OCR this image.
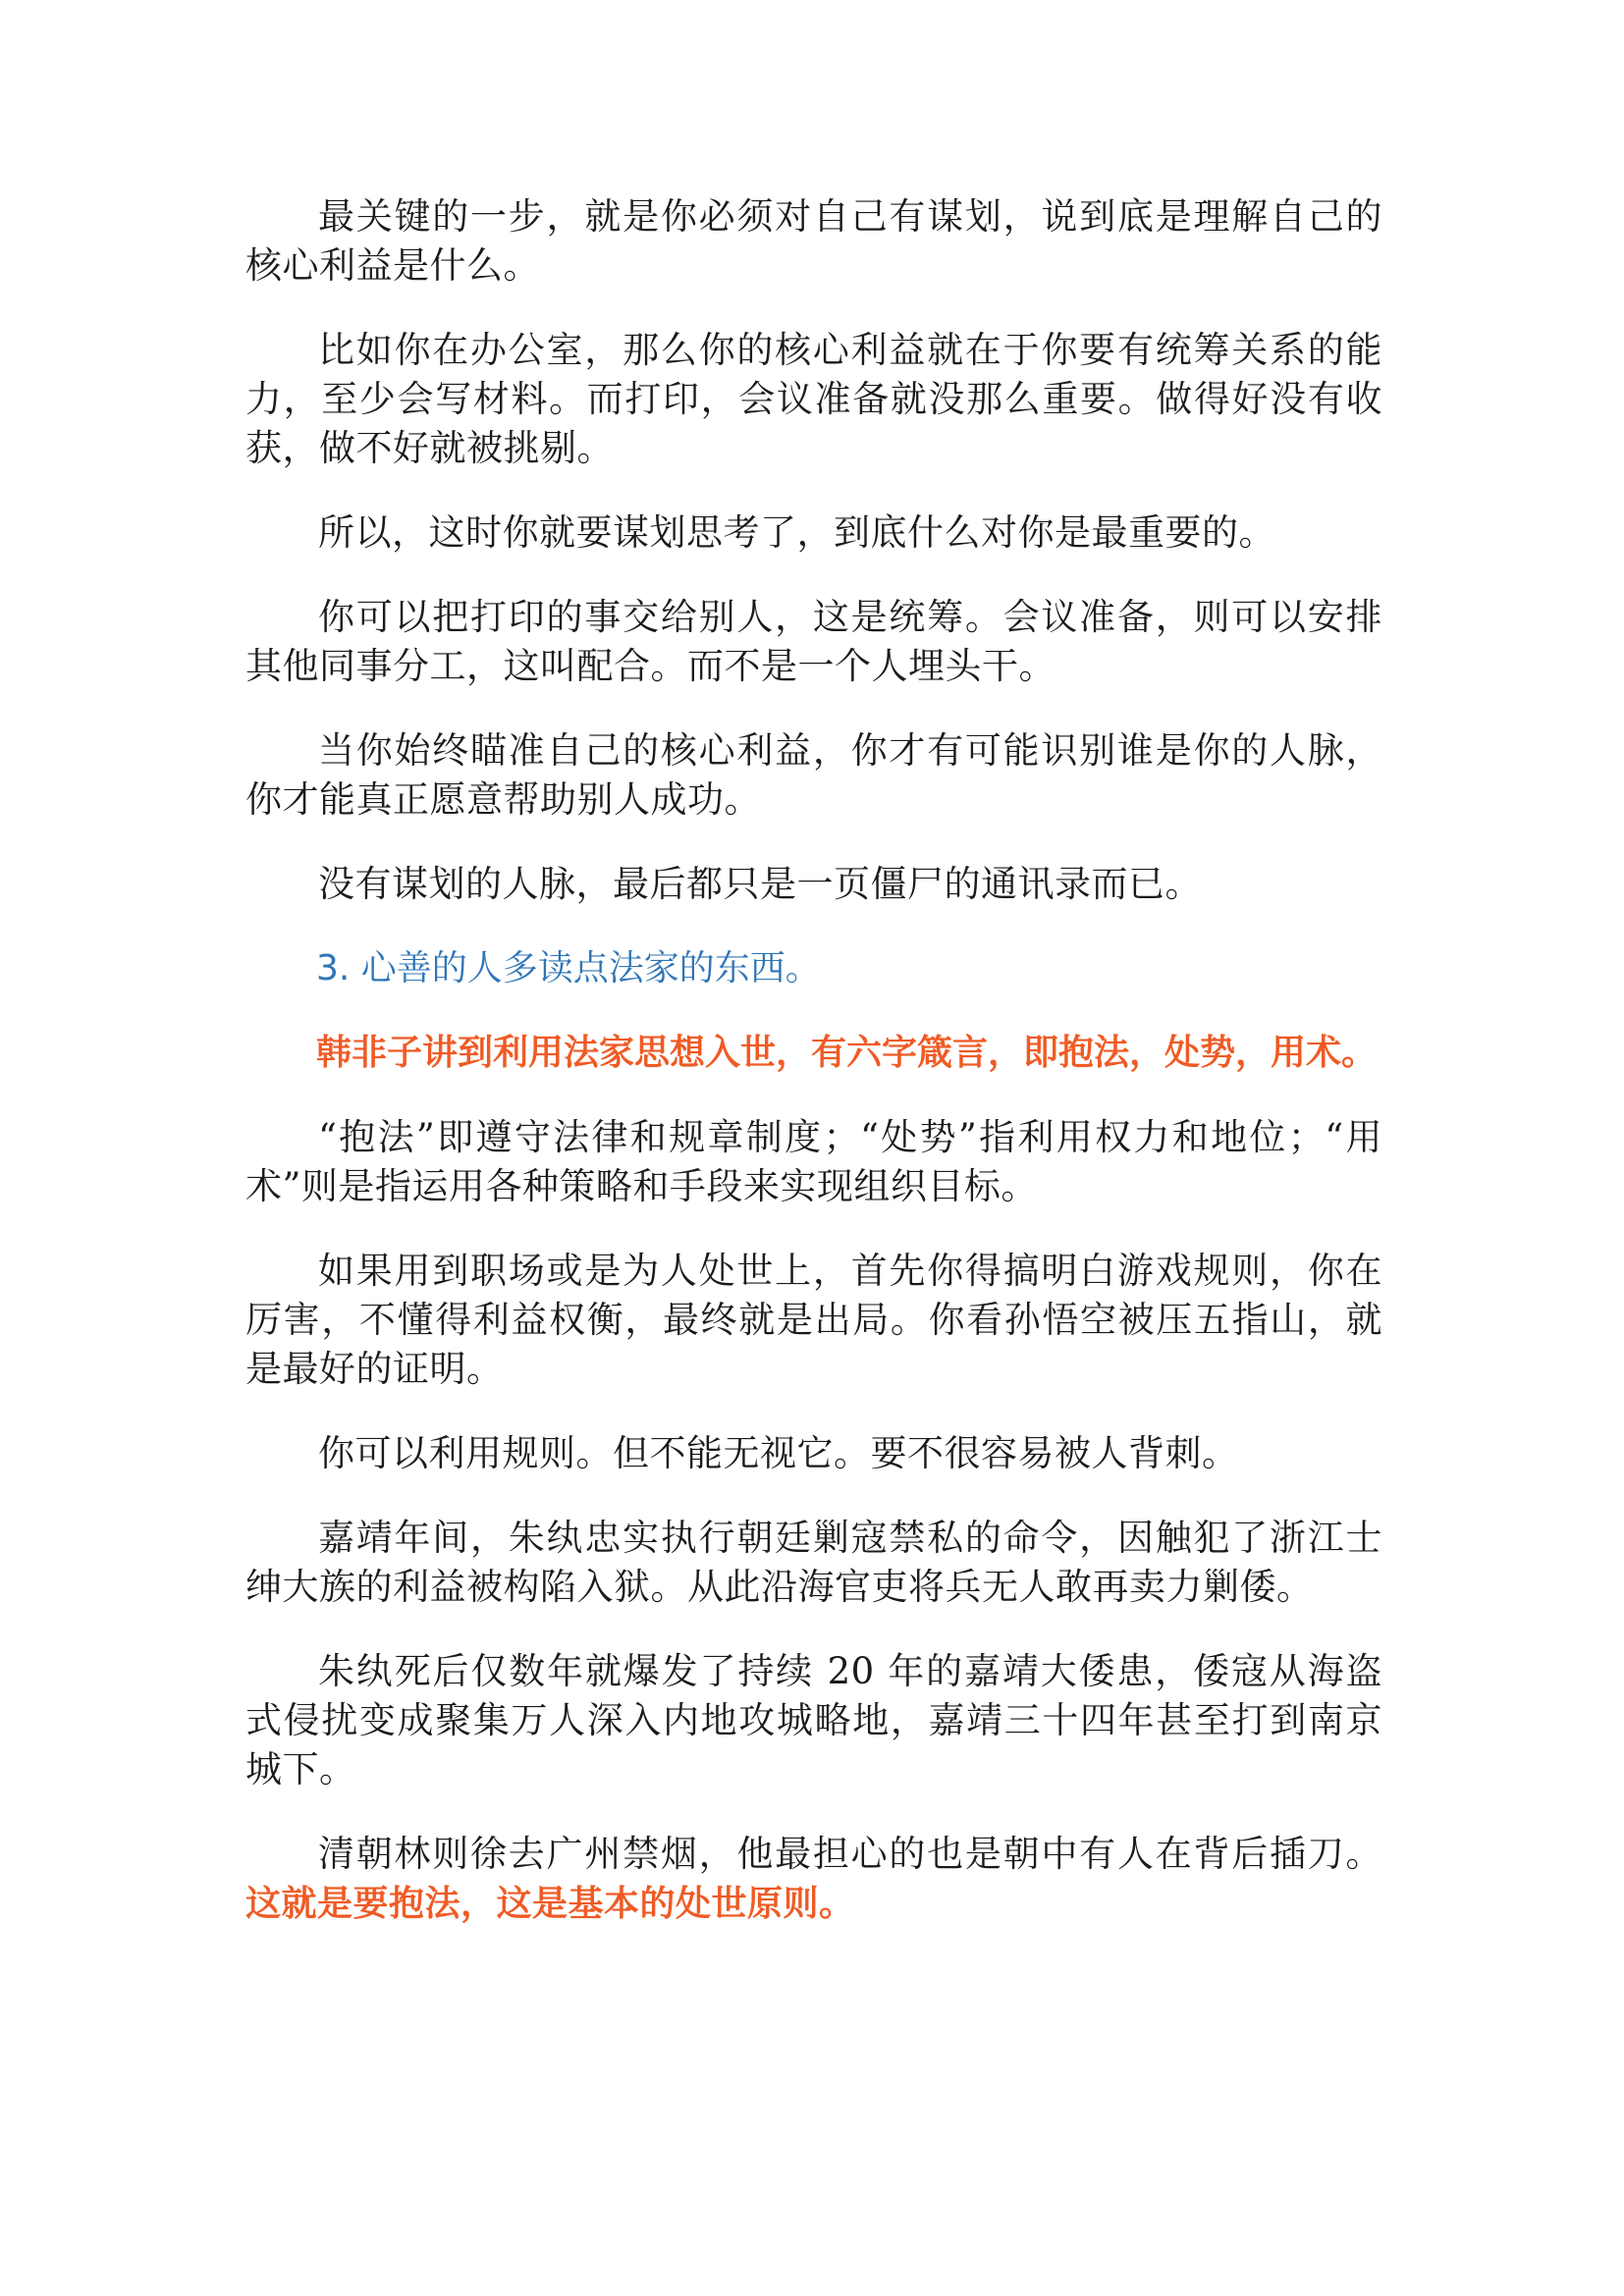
最关键的一步，就是你必须对自己有谋划，说到底是理解自己的核心利益是什么。

比如你在办公室，那么你的核心利益就在于你要有统筹关系的能力，至少会写材料。而打印，会议准备就没那么重要。做得好没有收获，做不好就被挑剔。

所以，这时你就要谋划思考了，到底什么对你是最重要的。

你可以把打印的事交给别人，这是统筹。会议准备，则可以安排其他同事分工，这叫配合。而不是一个人埋头干。

当你始终瞄准自己的核心利益，你才有可能识别谁是你的人脉，你才能真正愿意帮助别人成功。

没有谋划的人脉，最后都只是一页僵尸的通讯录而已。

3. 心善的人多读点法家的东西。

韩非子讲到利用法家思想入世，有六字箴言，即抱法，处势，用术。

“抱法”即遵守法律和规章制度；“处势”指利用权力和地位；“用术”则是指运用各种策略和手段来实现组织目标。

如果用到职场或是为人处世上，首先你得搞明白游戏规则，你在厉害，不懂得利益权衡，最终就是出局。你看孙悟空被压五指山，就是最好的证明。

你可以利用规则。但不能无视它。要不很容易被人背刺。

嘉靖年间，朱纨忠实执行朝廷剿寇禁私的命令，因触犯了浙江士绅大族的利益被构陷入狱。从此沿海官吏将兵无人敢再卖力剿倭。

朱纨死后仅数年就爆发了持续 20 年的嘉靖大倭患，倭寇从海盗式侵扰变成聚集万人深入内地攻城略地，嘉靖三十四年甚至打到南京城下。

清朝林则徐去广州禁烟，他最担心的也是朝中有人在背后插刀。这就是要抱法，这是基本的处世原则。
